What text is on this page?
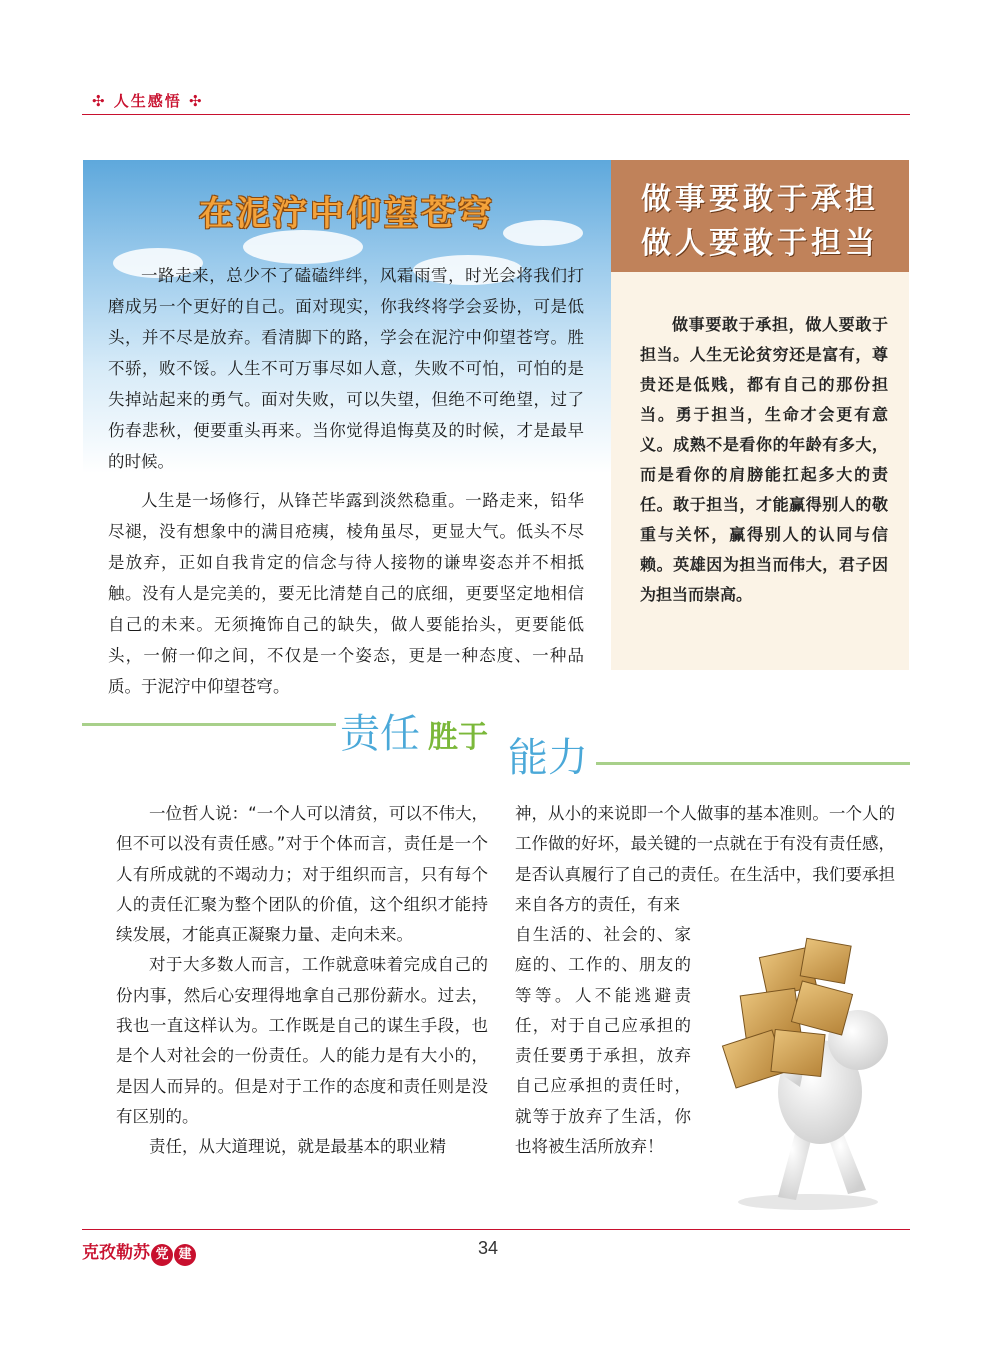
✣ 人生感悟 ✣
在泥泞中仰望苍穹

一路走来，总少不了磕磕绊绊，风霜雨雪，时光会将我们打磨成另一个更好的自己。面对现实，你我终将学会妥协，可是低头，并不尽是放弃。看清脚下的路，学会在泥泞中仰望苍穹。胜不骄，败不馁。人生不可万事尽如人意，失败不可怕，可怕的是失掉站起来的勇气。面对失败，可以失望，但绝不可绝望，过了伤春悲秋，便要重头再来。当你觉得追悔莫及的时候，才是最早的时候。

人生是一场修行，从锋芒毕露到淡然稳重。一路走来，铅华尽褪，没有想象中的满目疮痍，棱角虽尽，更显大气。低头不尽是放弃，正如自我肯定的信念与待人接物的谦卑姿态并不相抵触。没有人是完美的，要无比清楚自己的底细，更要坚定地相信自己的未来。无须掩饰自己的缺失，做人要能抬头，更要能低头，一俯一仰之间，不仅是一个姿态，更是一种态度、一种品质。于泥泞中仰望苍穹。

做事要敢于承担
做人要敢于担当

做事要敢于承担，做人要敢于担当。人生无论贫穷还是富有，尊贵还是低贱，都有自己的那份担当。勇于担当，生命才会更有意义。成熟不是看你的年龄有多大，而是看你的肩膀能扛起多大的责任。敢于担当，才能赢得别人的敬重与关怀，赢得别人的认同与信赖。英雄因为担当而伟大，君子因为担当而崇高。

责任 胜于 能力

一位哲人说：“一个人可以清贫，可以不伟大，但不可以没有责任感。”对于个体而言，责任是一个人有所成就的不竭动力；对于组织而言，只有每个人的责任汇聚为整个团队的价值，这个组织才能持续发展，才能真正凝聚力量、走向未来。

对于大多数人而言，工作就意味着完成自己的份内事，然后心安理得地拿自己那份薪水。过去，我也一直这样认为。工作既是自己的谋生手段，也是个人对社会的一份责任。人的能力是有大小的，是因人而异的。但是对于工作的态度和责任则是没有区别的。

责任，从大道理说，就是最基本的职业精

神，从小的来说即一个人做事的基本准则。一个人的工作做的好坏，最关键的一点就在于有没有责任感，是否认真履行了自己的责任。在生活中，我们要承担来自各方的责任，有来

自生活的、社会的、家庭的、工作的、朋友的等等。人不能逃避责任，对于自己应承担的责任要勇于承担，放弃自己应承担的责任时，就等于放弃了生活，你也将被生活所放弃！

克孜勒苏 党 建	34
